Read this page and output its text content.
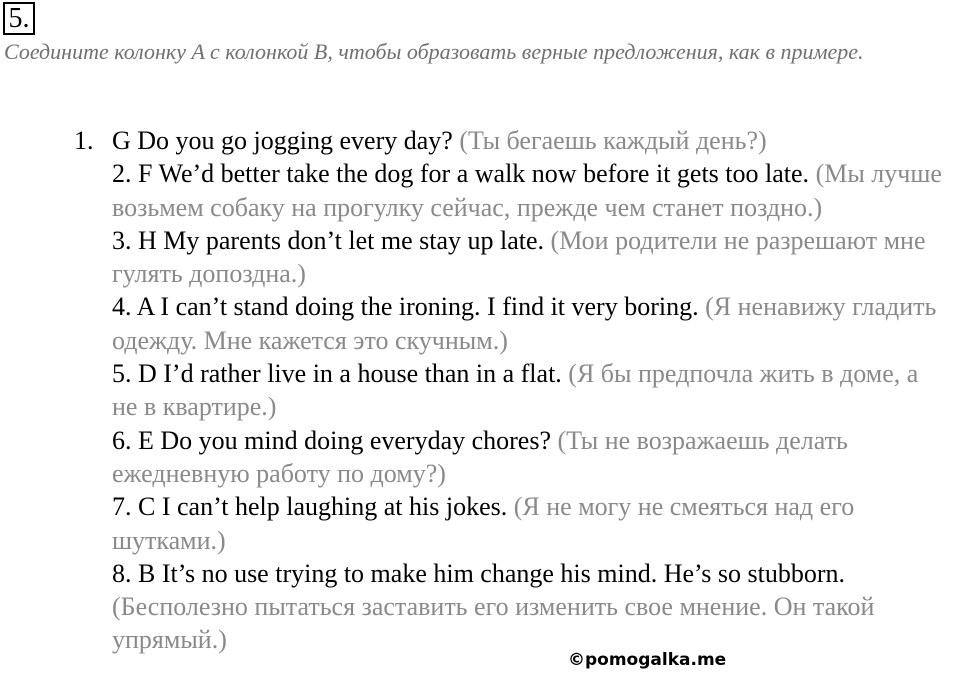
5.
Соедините колонку A с колонкой B, чтобы образовать верные предложения, как в примере.

1. G Do you go jogging every day? (Ты бегаешь каждый день?)

2. F We’d better take the dog for a walk now before it gets too late. (Мы лучше возьмем собаку на прогулку сейчас, прежде чем станет поздно.)

3. H My parents don’t let me stay up late. (Мои родители не разрешают мне гулять допоздна.)

4. A I can’t stand doing the ironing. I find it very boring. (Я ненавижу гладить одежду. Мне кажется это скучным.)

5. D I’d rather live in a house than in a flat. (Я бы предпочла жить в доме, а не в квартире.)

6. E Do you mind doing everyday chores? (Ты не возражаешь делать ежедневную работу по дому?)

7. C I can’t help laughing at his jokes. (Я не могу не смеяться над его шутками.)

8. B It’s no use trying to make him change his mind. He’s so stubborn. (Бесполезно пытаться заставить его изменить свое мнение. Он такой упрямый.)

©pomogalka.me
